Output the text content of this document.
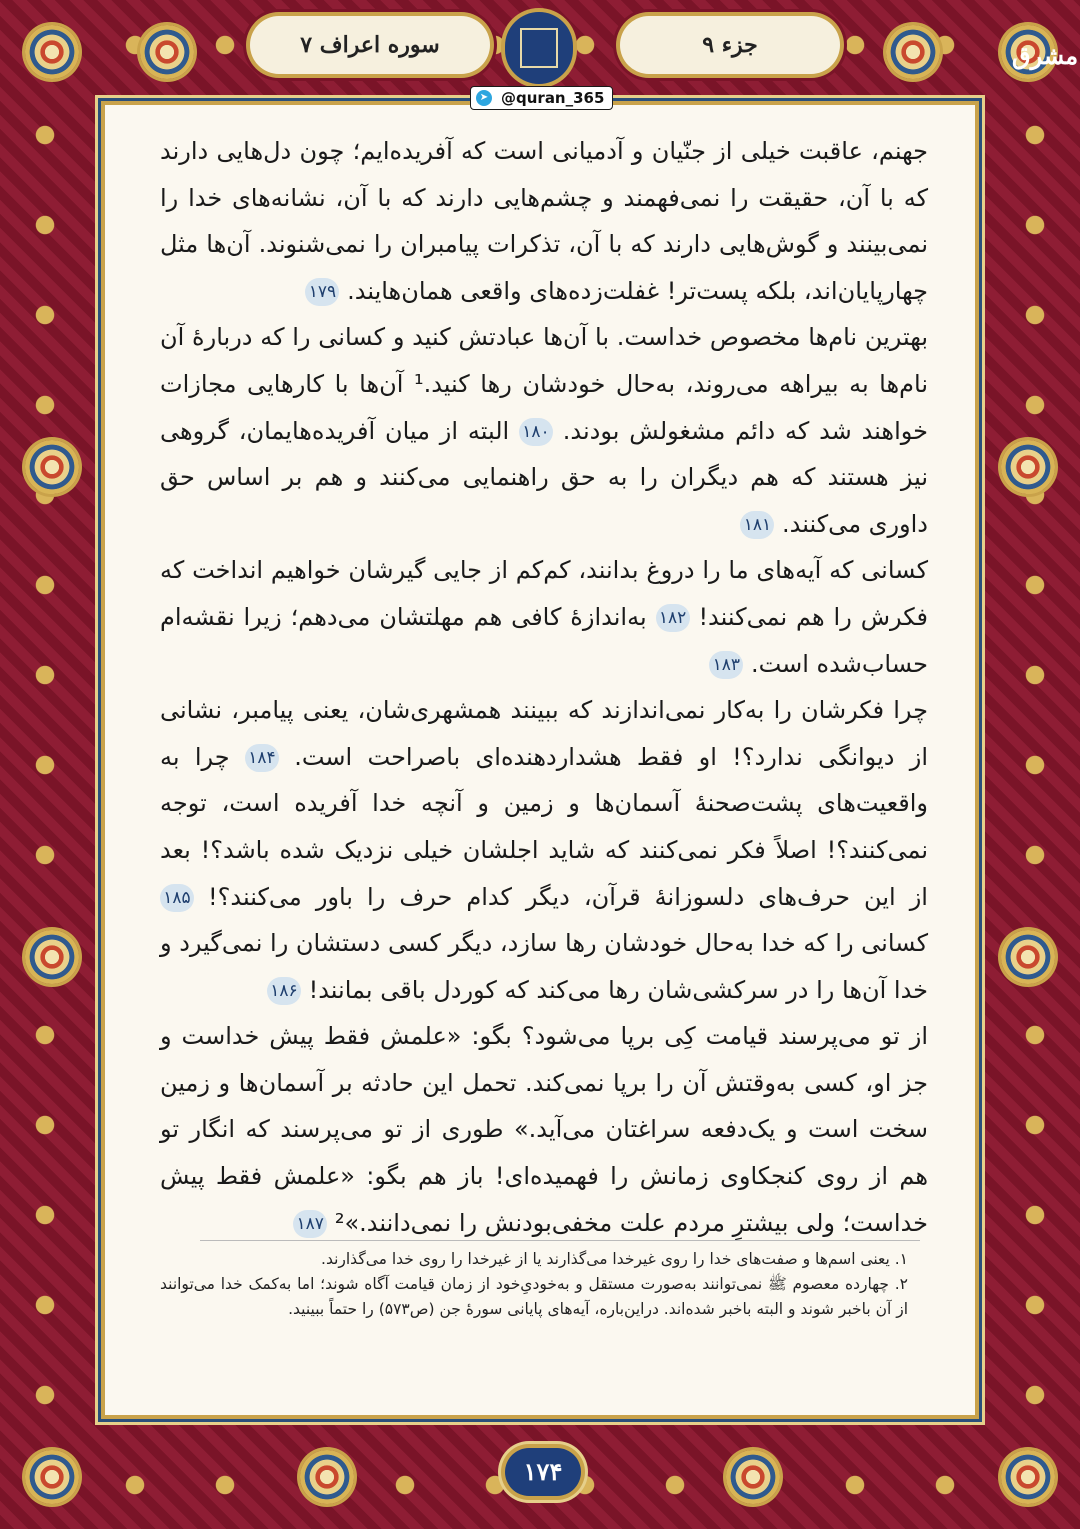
سوره اعراف ۷	جزء ۹	مشرق
➤ @quran_365

جهنم، عاقبت خیلی از جنّیان و آدمیانی است که آفریده‌ایم؛ چون دل‌هایی دارند که با آن، حقیقت را نمی‌فهمند و چشم‌هایی دارند که با آن، نشانه‌های خدا را نمی‌بینند و گوش‌هایی دارند که با آن، تذکرات پیامبران را نمی‌شنوند. آن‌ها مثل چهارپایان‌اند، بلکه پست‌تر! غفلت‌زده‌های واقعی همان‌هایند. ۱۷۹

بهترین نام‌ها مخصوص خداست. با آن‌ها عبادتش کنید و کسانی را که دربارهٔ آن نام‌ها به بیراهه می‌روند، به‌حال خودشان رها کنید.¹ آن‌ها با کارهایی مجازات خواهند شد که دائم مشغولش بودند. ۱۸۰ البته از میان آفریده‌هایمان، گروهی نیز هستند که هم دیگران را به حق راهنمایی می‌کنند و هم بر اساس حق داوری می‌کنند. ۱۸۱

کسانی که آیه‌های ما را دروغ بدانند، کم‌کم از جایی گیرشان خواهیم انداخت که فکرش را هم نمی‌کنند! ۱۸۲ به‌اندازهٔ کافی هم مهلتشان می‌دهم؛ زیرا نقشه‌ام حساب‌شده است. ۱۸۳

چرا فکرشان را به‌کار نمی‌اندازند که ببینند همشهری‌شان، یعنی پیامبر، نشانی از دیوانگی ندارد؟! او فقط هشداردهنده‌ای باصراحت است. ۱۸۴ چرا به واقعیت‌های پشت‌صحنهٔ آسمان‌ها و زمین و آنچه خدا آفریده است، توجه نمی‌کنند؟! اصلاً فکر نمی‌کنند که شاید اجلشان خیلی نزدیک شده باشد؟! بعد از این حرف‌های دلسوزانهٔ قرآن، دیگر کدام حرف را باور می‌کنند؟! ۱۸۵ کسانی را که خدا به‌حال خودشان رها سازد، دیگر کسی دستشان را نمی‌گیرد و خدا آن‌ها را در سرکشی‌شان رها می‌کند که کوردل باقی بمانند! ۱۸۶

از تو می‌پرسند قیامت کِی برپا می‌شود؟ بگو: «علمش فقط پیش خداست و جز او، کسی به‌وقتش آن را برپا نمی‌کند. تحمل این حادثه بر آسمان‌ها و زمین سخت است و یک‌دفعه سراغتان می‌آید.» طوری از تو می‌پرسند که انگار تو هم از روی کنجکاوی زمانش را فهمیده‌ای! باز هم بگو: «علمش فقط پیش خداست؛ ولی بیشترِ مردم علت مخفی‌بودنش را نمی‌دانند.»² ۱۸۷

۱. یعنی اسم‌ها و صفت‌های خدا را روی غیرخدا می‌گذارند یا از غیرخدا را روی خدا می‌گذارند.

۲. چهارده معصوم ﷺ نمی‌توانند به‌صورت مستقل و به‌خودیِ‌خود از زمان قیامت آگاه شوند؛ اما به‌کمک خدا می‌توانند از آن باخبر شوند و البته باخبر شده‌اند. دراین‌باره، آیه‌های پایانی سورهٔ جن (ص۵۷۳) را حتماً ببینید.

۱۷۴
